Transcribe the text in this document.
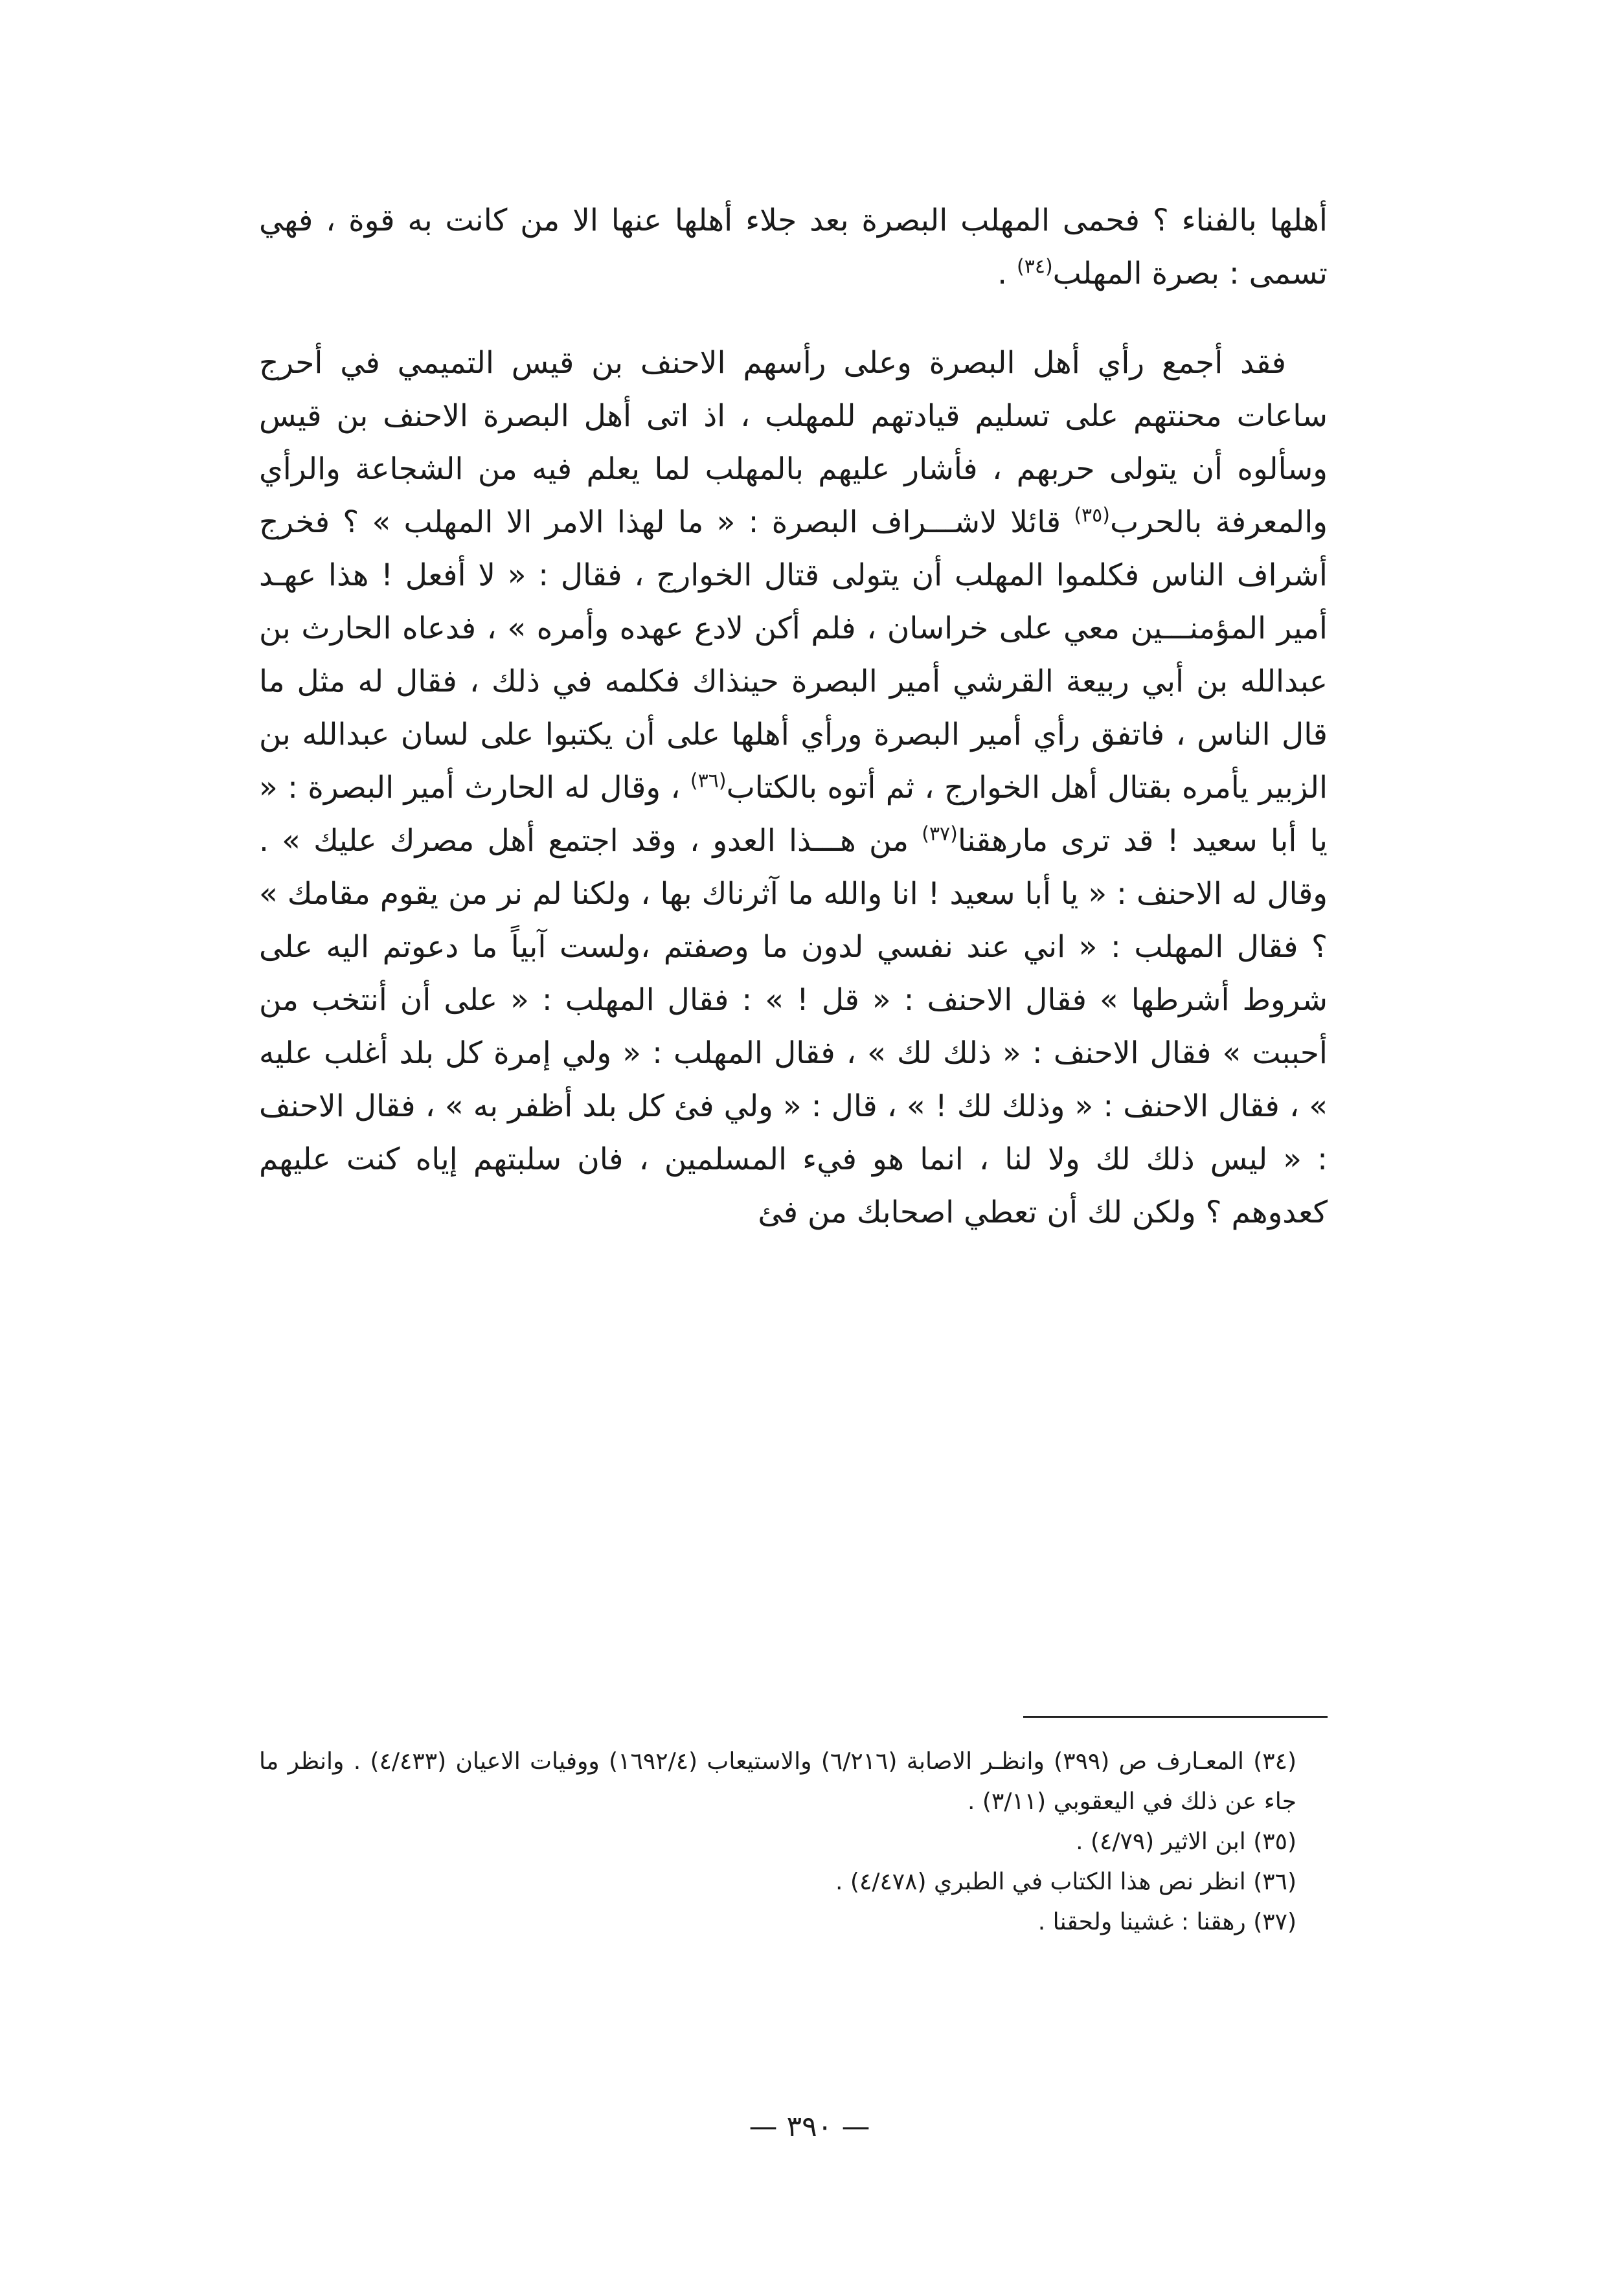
أهلها بالفناء ؟ فحمى المهلب البصرة بعد جلاء أهلها عنها الا من كانت به قوة ، فهي تسمى : بصرة المهلب$^{(٣٤)}$ .

فقد أجمع رأي أهل البصرة وعلى رأسهم الاحنف بن قيس التميمي في أحرج ساعات محنتهم على تسليم قيادتهم للمهلب ، اذ اتى أهل البصرة الاحنف بن قيس وسألوه أن يتولى حربهم ، فأشار عليهم بالمهلب لما يعلم فيه من الشجاعة والرأي والمعرفة بالحرب$^{(٣٥)}$ قائلا لاشـــراف البصرة : « ما لهذا الامر الا المهلب » ؟ فخرج أشراف الناس فكلموا المهلب أن يتولى قتال الخوارج ، فقال : « لا أفعل ! هذا عهـد أمير المؤمنـــين معي على خراسان ، فلم أكن لادع عهده وأمره » ، فدعاه الحارث بن عبدالله بن أبي ربيعة القرشي أمير البصرة حينذاك فكلمه في ذلك ، فقال له مثل ما قال الناس ، فاتفق رأي أمير البصرة ورأي أهلها على أن يكتبوا على لسان عبدالله بن الزبير يأمره بقتال أهل الخوارج ، ثم أتوه بالكتاب$^{(٣٦)}$ ، وقال له الحارث أمير البصرة : « يا أبا سعيد ! قد ترى مارهقنا$^{(٣٧)}$ من هـــذا العدو ، وقد اجتمع أهل مصرك عليك » . وقال له الاحنف : « يا أبا سعيد ! انا والله ما آثرناك بها ، ولكنا لم نر من يقوم مقامك » ؟ فقال المهلب : « اني عند نفسي لدون ما وصفتم ،ولست آبياً ما دعوتم اليه على شروط أشرطها » فقال الاحنف : « قل ! » : فقال المهلب : « على أن أنتخب من أحببت » فقال الاحنف : « ذلك لك » ، فقال المهلب : « ولي إمرة كل بلد أغلب عليه » ، فقال الاحنف : « وذلك لك ! » ، قال : « ولي فئ كل بلد أظفر به » ، فقال الاحنف : « ليس ذلك لك ولا لنا ، انما هو فيء المسلمين ، فان سلبتهم إياه كنت عليهم كعدوهم ؟ ولكن لك أن تعطي اصحابك من فئ

(٣٤) المعـارف ص (٣٩٩) وانظـر الاصابة (٦/٢١٦) والاستيعاب (١٦٩٢/٤) ووفيات الاعيان (٤/٤٣٣) . وانظر ما جاء عن ذلك في اليعقوبي (٣/١١) .

(٣٥) ابن الاثير (٤/٧٩) .

(٣٦) انظر نص هذا الكتاب في الطبري (٤/٤٧٨) .

(٣٧) رهقنا : غشينا ولحقنا .

— ٣٩٠ —
